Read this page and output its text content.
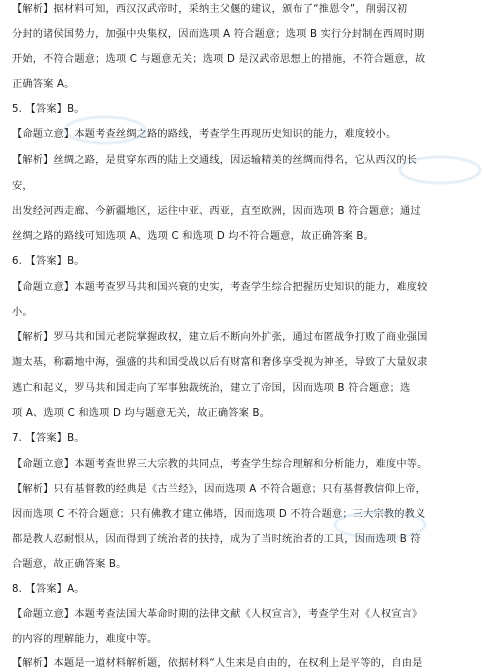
【解析】据材料可知，西汉汉武帝时，采纳主父偃的建议，颁布了“推恩令”，削弱汉初
分封的诸侯国势力，加强中央集权，因而选项 A 符合题意；选项 B 实行分封制在西周时期
开始，不符合题意；选项 C 与题意无关；选项 D 是汉武帝思想上的措施，不符合题意，故
正确答案 A。
5. 【答案】B。
【命题立意】本题考查丝绸之路的路线，考查学生再现历史知识的能力，难度较小。
【解析】丝绸之路，是贯穿东西的陆上交通线，因运输精美的丝绸而得名，它从西汉的长
安，
出发经河西走廊、今新疆地区，运往中亚、西亚，直至欧洲，因而选项 B 符合题意；通过
丝绸之路的路线可知选项 A、选项 C 和选项 D 均不符合题意，故正确答案 B。
6. 【答案】B。
【命题立意】本题考查罗马共和国兴衰的史实，考查学生综合把握历史知识的能力，难度较
小。
【解析】罗马共和国元老院掌握政权，建立后不断向外扩张，通过布匿战争打败了商业强国
迦太基，称霸地中海，强盛的共和国受战以后有财富和奢侈享受视为神圣，导致了大量奴隶
逃亡和起义，罗马共和国走向了军事独裁统治，建立了帝国，因而选项 B 符合题意；选
项 A、选项 C 和选项 D 均与题意无关，故正确答案 B。
7. 【答案】B。
【命题立意】本题考查世界三大宗教的共同点，考查学生综合理解和分析能力，难度中等。
【解析】只有基督教的经典是《古兰经》，因而选项 A 不符合题意；只有基督教信仰上帝，
因而选项 C 不符合题意；只有佛教才建立佛塔，因而选项 D 不符合题意；三大宗教的教义
都是教人忍耐恨从，因而得到了统治者的扶持，成为了当时统治者的工具，因而选项 B 符
合题意，故正确答案 B。
8. 【答案】A。
【命题立意】本题考查法国大革命时期的法律文献《人权宣言》，考查学生对《人权宣言》
的内容的理解能力，难度中等。
【解析】本题是一道材料解析题，依据材料“人生来是自由的，在权利上是平等的，自由是
